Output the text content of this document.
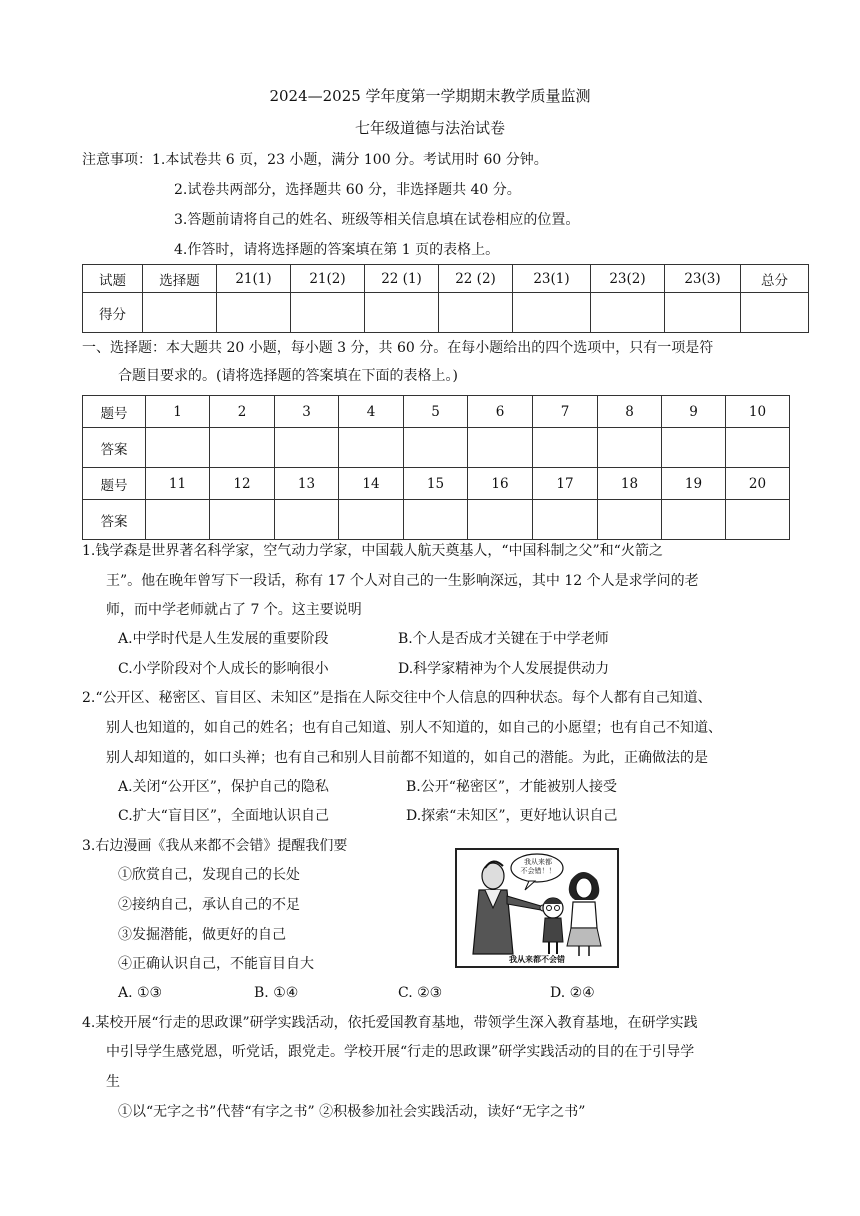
2024—2025 学年度第一学期期末教学质量监测
七年级道德与法治试卷
注意事项：1.本试卷共 6 页，23 小题，满分 100 分。考试用时 60 分钟。
2.试卷共两部分，选择题共 60 分，非选择题共 40 分。
3.答题前请将自己的姓名、班级等相关信息填在试卷相应的位置。
4.作答时，请将选择题的答案填在第 1 页的表格上。
试题	选择题	21(1)	21(2)	22 (1)	22 (2)	23(1)	23(2)	23(3)	总分
得分									
一、选择题：本大题共 20 小题，每小题 3 分，共 60 分。在每小题给出的四个选项中，只有一项是符
合题目要求的。(请将选择题的答案填在下面的表格上。)
题号	1	2	3	4	5	6	7	8	9	10
答案										
题号	11	12	13	14	15	16	17	18	19	20
答案										
1.钱学森是世界著名科学家，空气动力学家，中国载人航天奠基人，“中国科制之父”和“火箭之
王”。他在晚年曾写下一段话，称有 17 个人对自己的一生影响深远，其中 12 个人是求学问的老
师，而中学老师就占了 7 个。这主要说明
A.中学时代是人生发展的重要阶段	B.个人是否成才关键在于中学老师
C.小学阶段对个人成长的影响很小	D.科学家精神为个人发展提供动力
2.“公开区、秘密区、盲目区、未知区”是指在人际交往中个人信息的四种状态。每个人都有自己知道、
别人也知道的，如自己的姓名；也有自己知道、别人不知道的，如自己的小愿望；也有自己不知道、
别人却知道的，如口头禅；也有自己和别人目前都不知道的，如自己的潜能。为此，正确做法的是
A.关闭“公开区”，保护自己的隐私	B.公开“秘密区”，才能被别人接受
C.扩大“盲目区”，全面地认识自己	D.探索“未知区”，更好地认识自己
3.右边漫画《我从来都不会错》提醒我们要
①欣赏自己，发现自己的长处
②接纳自己，承认自己的不足
③发掘潜能，做更好的自己
④正确认识自己，不能盲目自大
A. ①③	B. ①④	C. ②③	D. ②④
我从来都
不会错！！
我从来都不会错
4.某校开展“行走的思政课”研学实践活动，依托爱国教育基地，带领学生深入教育基地，在研学实践
中引导学生感党恩，听党话，跟党走。学校开展“行走的思政课”研学实践活动的目的在于引导学
生
①以“无字之书”代替“有字之书” ②积极参加社会实践活动，读好“无字之书”
